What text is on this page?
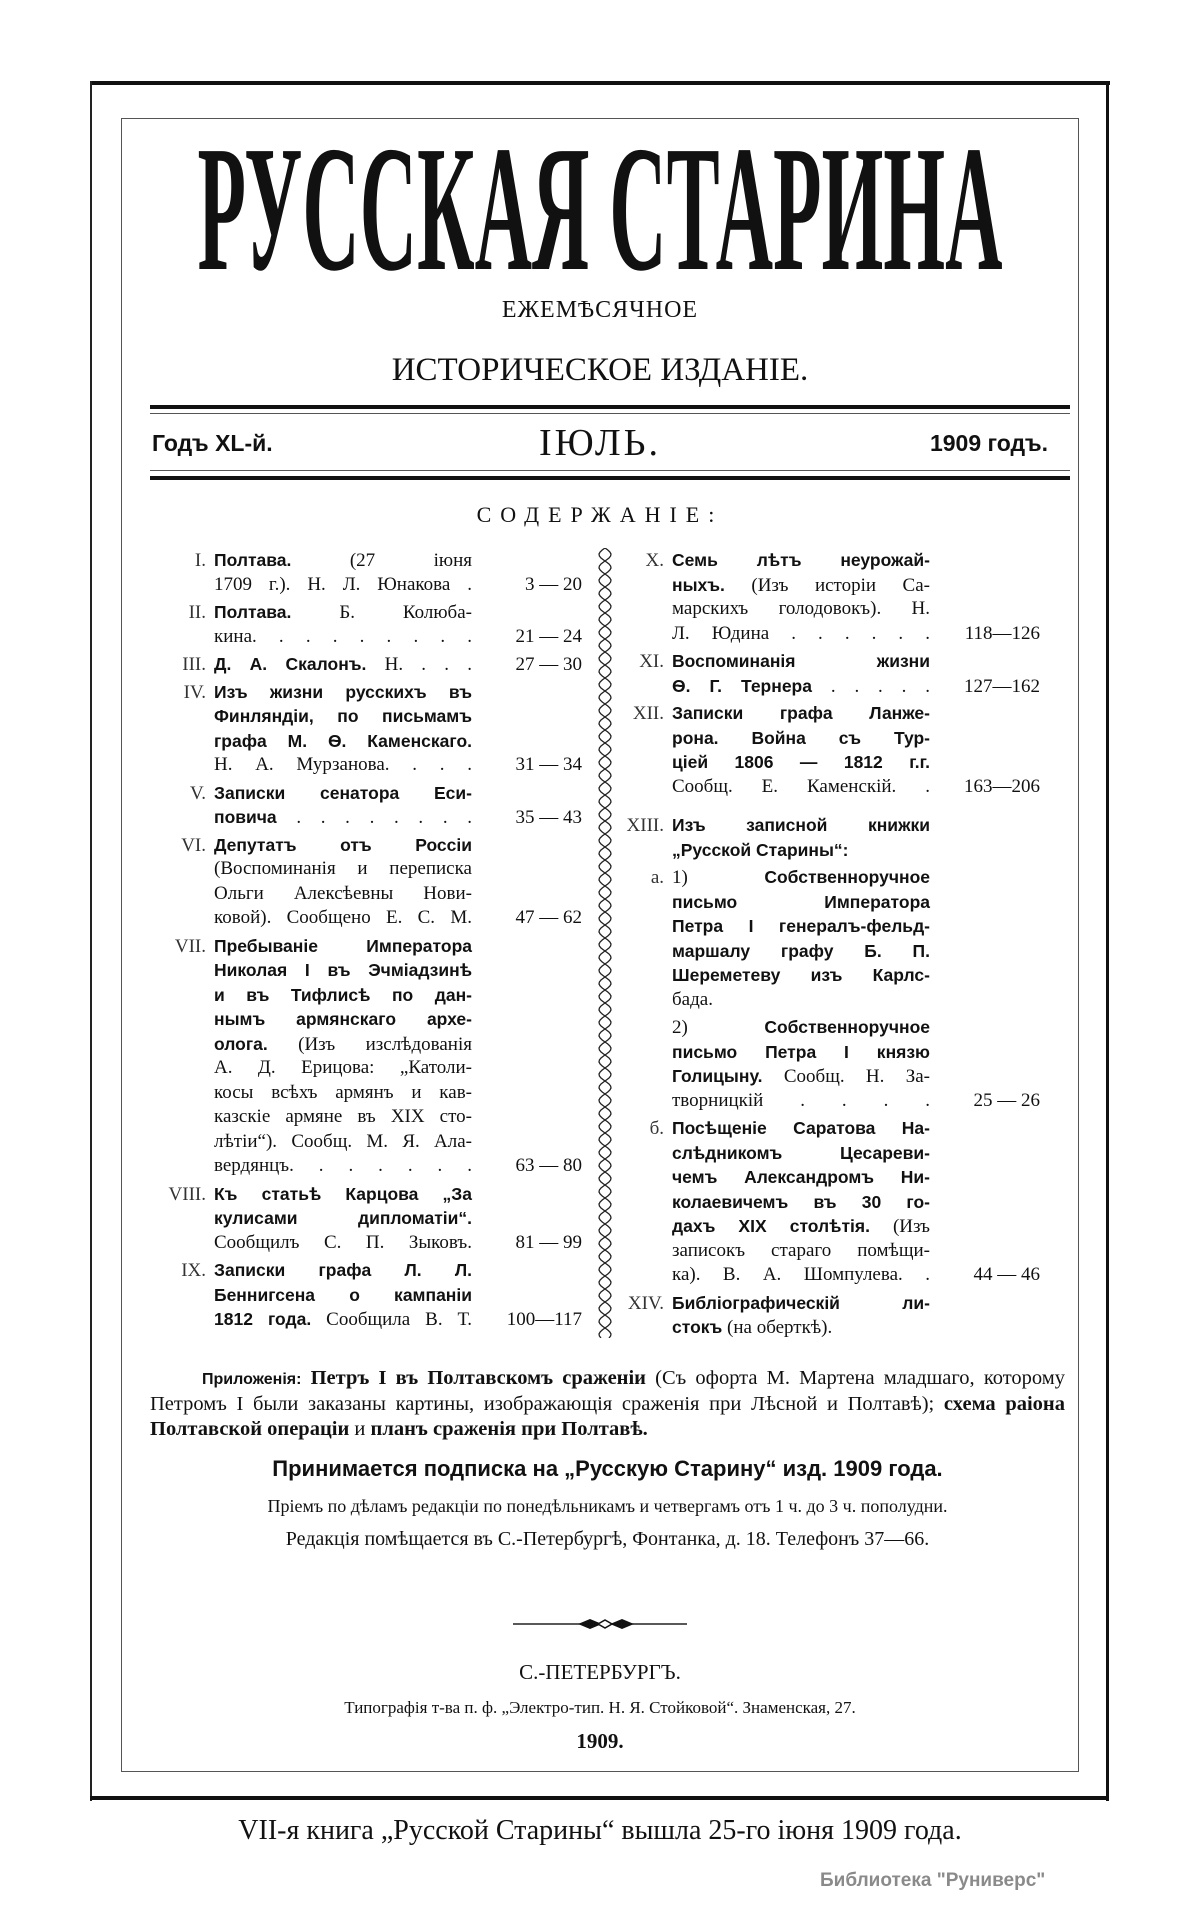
РУССКАЯ СТАРИНА
ЕЖЕМѢСЯЧНОЕ
ИСТОРИЧЕСКОЕ ИЗДАНІЕ.
Годъ XL-й.	ІЮЛЬ.	1909 годъ.
СОДЕРЖАНІЕ:
I. Полтава. (27 іюня
1709 г.). Н. Л. Юнакова .	3 — 20
II. Полтава. Б. Колюба-
кина. . . . . . . . .	21 — 24
III. Д. А. Скалонъ. Н. . . .	27 — 30
IV. Изъ жизни русскихъ въ
Финляндіи, по письмамъ
графа М. Ѳ. Каменскаго.
Н. А. Мурзанова. . . .	31 — 34
V. Записки сенатора Еси-
повича . . . . . . . .	35 — 43
VI. Депутатъ отъ Россіи
(Воспоминанія и переписка
Ольги Алексѣевны Нови-
ковой). Сообщено Е. С. М.	47 — 62
VII. Пребываніе Императора
Николая I въ Эчміадзинѣ
и въ Тифлисѣ по дан-
нымъ армянскаго архе-
олога. (Изъ изслѣдованія
А. Д. Ерицова: „Католи-
косы всѣхъ армянъ и кав-
казскіе армяне въ XIX сто-
лѣтіи“). Сообщ. М. Я. Ала-
вердянцъ. . . . . . .	63 — 80
VIII. Къ статьѣ Карцова „За
кулисами дипломатіи“.
Сообщилъ С. П. Зыковъ.	81 — 99
IX. Записки графа Л. Л.
Беннигсена о кампаніи
1812 года. Сообщила В. Т.	100—117
X. Семь лѣтъ неурожай-
ныхъ. (Изъ исторіи Са-
марскихъ голодовокъ). Н.
Л. Юдина . . . . . .	118—126
XI. Воспоминанія жизни
Ѳ. Г. Тернера . . . . .	127—162
XII. Записки графа Ланже-
рона. Война съ Тур-
ціей 1806 — 1812 г.г.
Сообщ. Е. Каменскій. .	163—206
XIII. Изъ записной книжки
„Русской Старины“:
а. 1) Собственноручное
письмо Императора
Петра I генералъ-фельд-
маршалу графу Б. П.
Шереметеву изъ Карлс-
бада.
2) Собственноручное
письмо Петра I князю
Голицыну. Сообщ. Н. За-
творницкій . . . .	25 — 26
б. Посѣщеніе Саратова На-
слѣдникомъ Цесареви-
чемъ Александромъ Ни-
колаевичемъ въ 30 го-
дахъ XIX столѣтія. (Изъ
записокъ стараго помѣщи-
ка). В. А. Шомпулева. .	44 — 46
XIV. Библіографическій ли-
стокъ (на оберткѣ).
Приложенія: Петръ I въ Полтавскомъ сраженіи (Съ офорта М. Мартена младшаго, которому Петромъ I были заказаны картины, изображающія сраженія при Лѣсной и Полтавѣ); схема раіона Полтавской операціи и планъ сраженія при Полтавѣ.
Принимается подписка на „Русскую Старину“ изд. 1909 года.
Пріемъ по дѣламъ редакціи по понедѣльникамъ и четвергамъ отъ 1 ч. до 3 ч. пополудни.
Редакція помѣщается въ С.-Петербургѣ, Фонтанка, д. 18. Телефонъ 37—66.
С.-ПЕТЕРБУРГЪ.
Типографія т-ва п. ф. „Электро-тип. Н. Я. Стойковой“. Знаменская, 27.
1909.
VII-я книга „Русской Старины“ вышла 25-го іюня 1909 года.
Библиотека "Руниверс"
